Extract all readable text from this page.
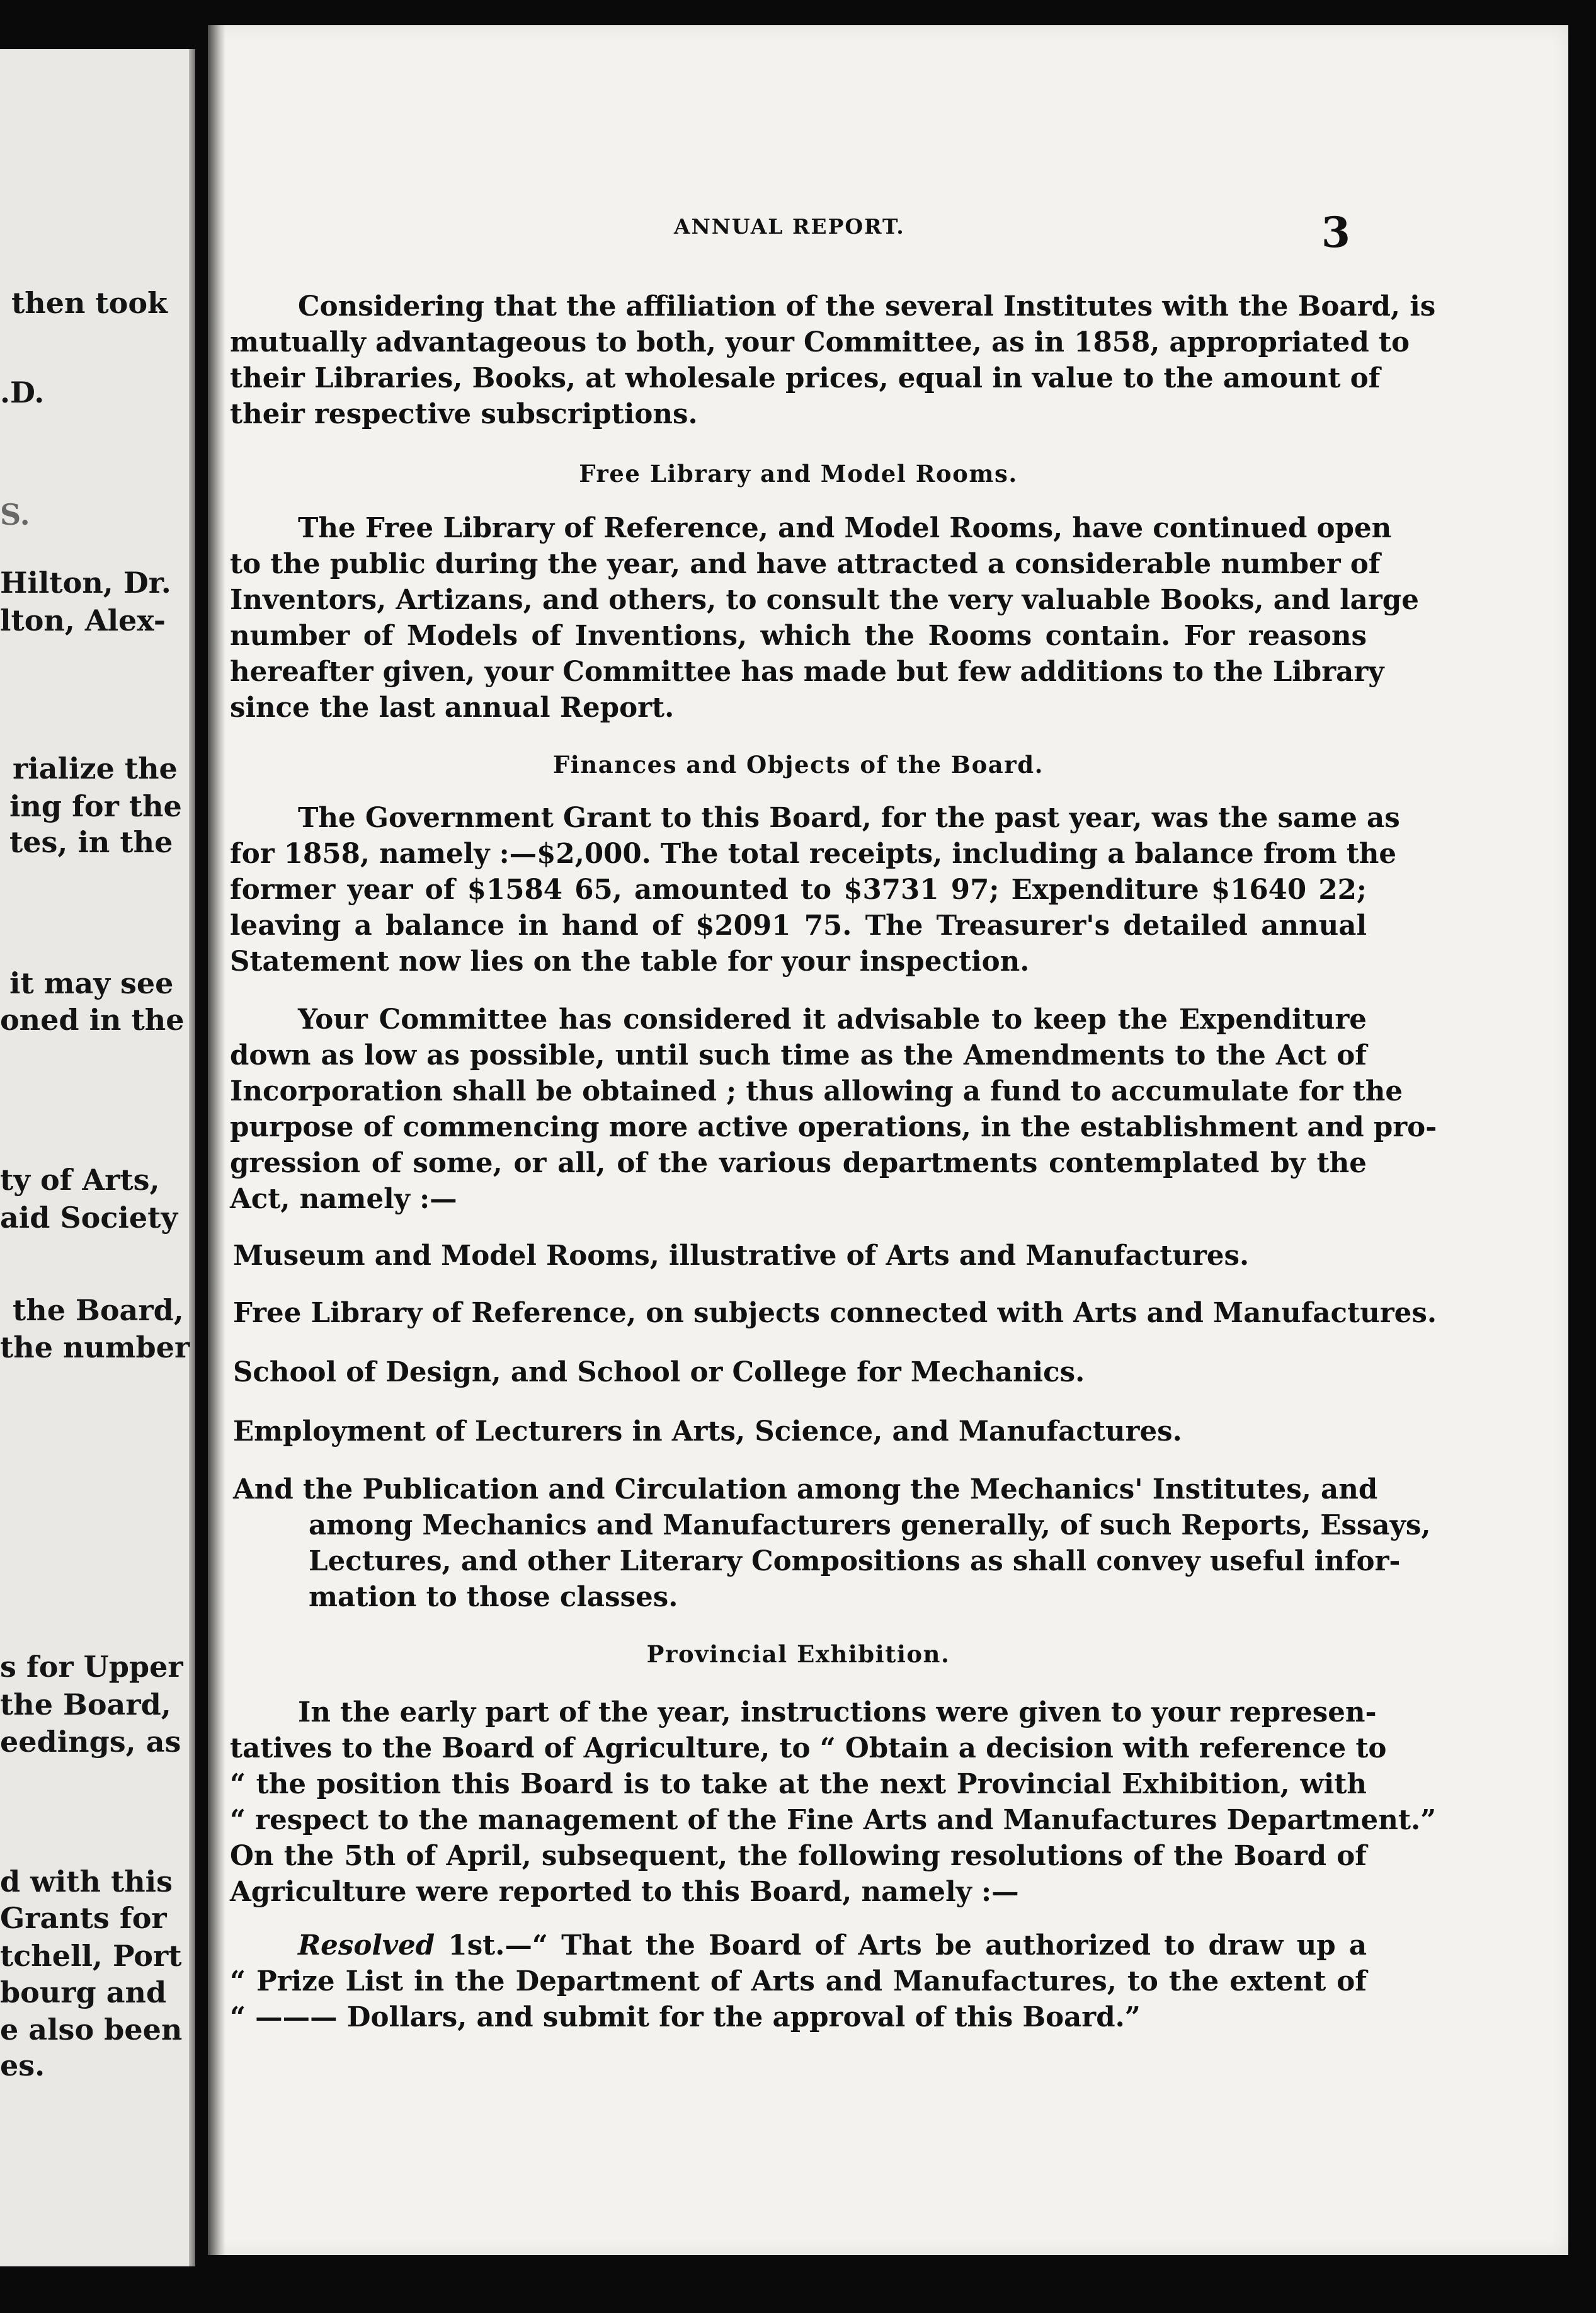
then took
.D.
S.
Hilton, Dr.
lton, Alex-
rialize the
ing for the
tes, in the
it may see
oned in the
ty of Arts,
aid Society
the Board,
the number
s for Upper
the Board,
eedings, as
d with this
Grants for
tchell, Port
bourg and
e also been
es.
ANNUAL REPORT.	3
Considering that the affiliation of the several Institutes with the Board, is
mutually advantageous to both, your Committee, as in 1858, appropriated to
their Libraries, Books, at wholesale prices, equal in value to the amount of
their respective subscriptions.
Free Library and Model Rooms.
The Free Library of Reference, and Model Rooms, have continued open
to the public during the year, and have attracted a considerable number of
Inventors, Artizans, and others, to consult the very valuable Books, and large
number of Models of Inventions, which the Rooms contain. For reasons
hereafter given, your Committee has made but few additions to the Library
since the last annual Report.
Finances and Objects of the Board.
The Government Grant to this Board, for the past year, was the same as
for 1858, namely :—$2,000. The total receipts, including a balance from the
former year of $1584 65, amounted to $3731 97; Expenditure $1640 22;
leaving a balance in hand of $2091 75. The Treasurer's detailed annual
Statement now lies on the table for your inspection.
Your Committee has considered it advisable to keep the Expenditure
down as low as possible, until such time as the Amendments to the Act of
Incorporation shall be obtained ; thus allowing a fund to accumulate for the
purpose of commencing more active operations, in the establishment and pro-
gression of some, or all, of the various departments contemplated by the
Act, namely :—
Museum and Model Rooms, illustrative of Arts and Manufactures.
Free Library of Reference, on subjects connected with Arts and Manufactures.
School of Design, and School or College for Mechanics.
Employment of Lecturers in Arts, Science, and Manufactures.
And the Publication and Circulation among the Mechanics' Institutes, and
among Mechanics and Manufacturers generally, of such Reports, Essays,
Lectures, and other Literary Compositions as shall convey useful infor-
mation to those classes.
Provincial Exhibition.
In the early part of the year, instructions were given to your represen-
tatives to the Board of Agriculture, to “ Obtain a decision with reference to
“ the position this Board is to take at the next Provincial Exhibition, with
“ respect to the management of the Fine Arts and Manufactures Department.”
On the 5th of April, subsequent, the following resolutions of the Board of
Agriculture were reported to this Board, namely :—
Resolved 1st.—“ That the Board of Arts be authorized to draw up a
“ Prize List in the Department of Arts and Manufactures, to the extent of
“ ——— Dollars, and submit for the approval of this Board.”
